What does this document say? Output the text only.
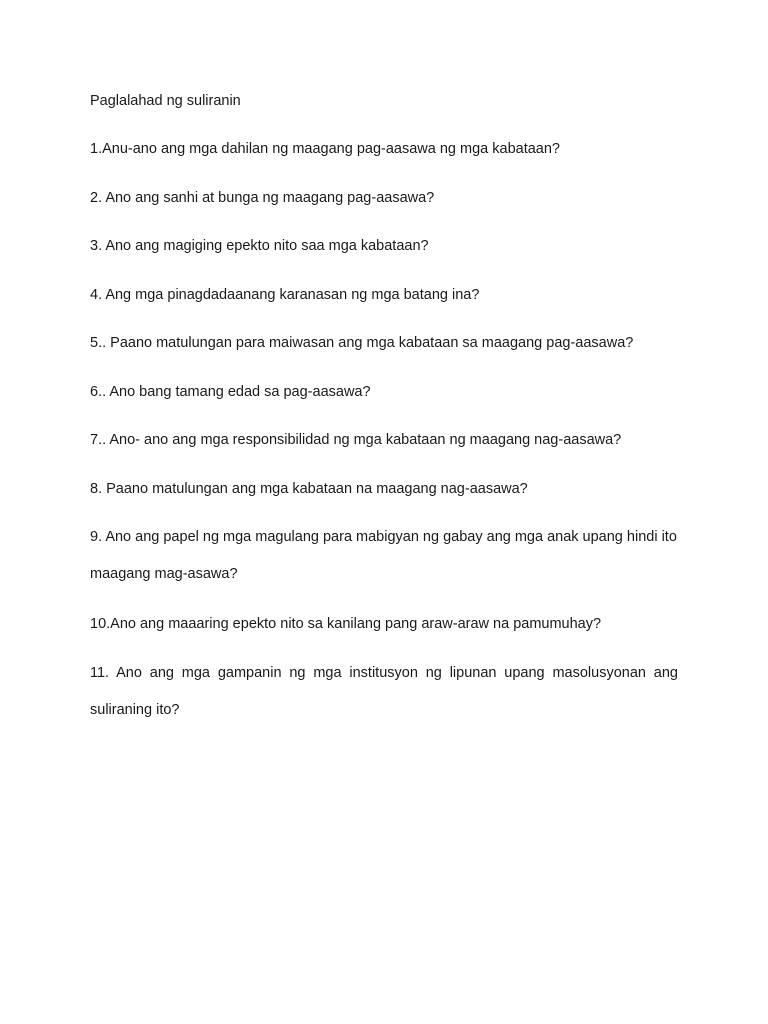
Paglalahad ng suliranin

1.Anu-ano ang mga dahilan ng maagang pag-aasawa ng mga kabataan?

2. Ano ang sanhi at bunga ng maagang pag-aasawa?

3. Ano ang magiging epekto nito saa mga kabataan?

4. Ang mga pinagdadaanang karanasan ng mga batang ina?

5.. Paano matulungan para maiwasan ang mga kabataan sa maagang pag-aasawa?

6.. Ano bang tamang edad sa pag-aasawa?

7.. Ano- ano ang mga responsibilidad ng mga kabataan ng maagang nag-aasawa?

8. Paano matulungan ang mga kabataan na maagang nag-aasawa?

9. Ano ang papel ng mga magulang para mabigyan ng gabay ang mga anak upang hindi ito maagang mag-asawa?

10.Ano ang maaaring epekto nito sa kanilang pang araw-araw na pamumuhay?

11. Ano ang mga gampanin ng mga institusyon ng lipunan upang masolusyonan ang suliraning ito?
